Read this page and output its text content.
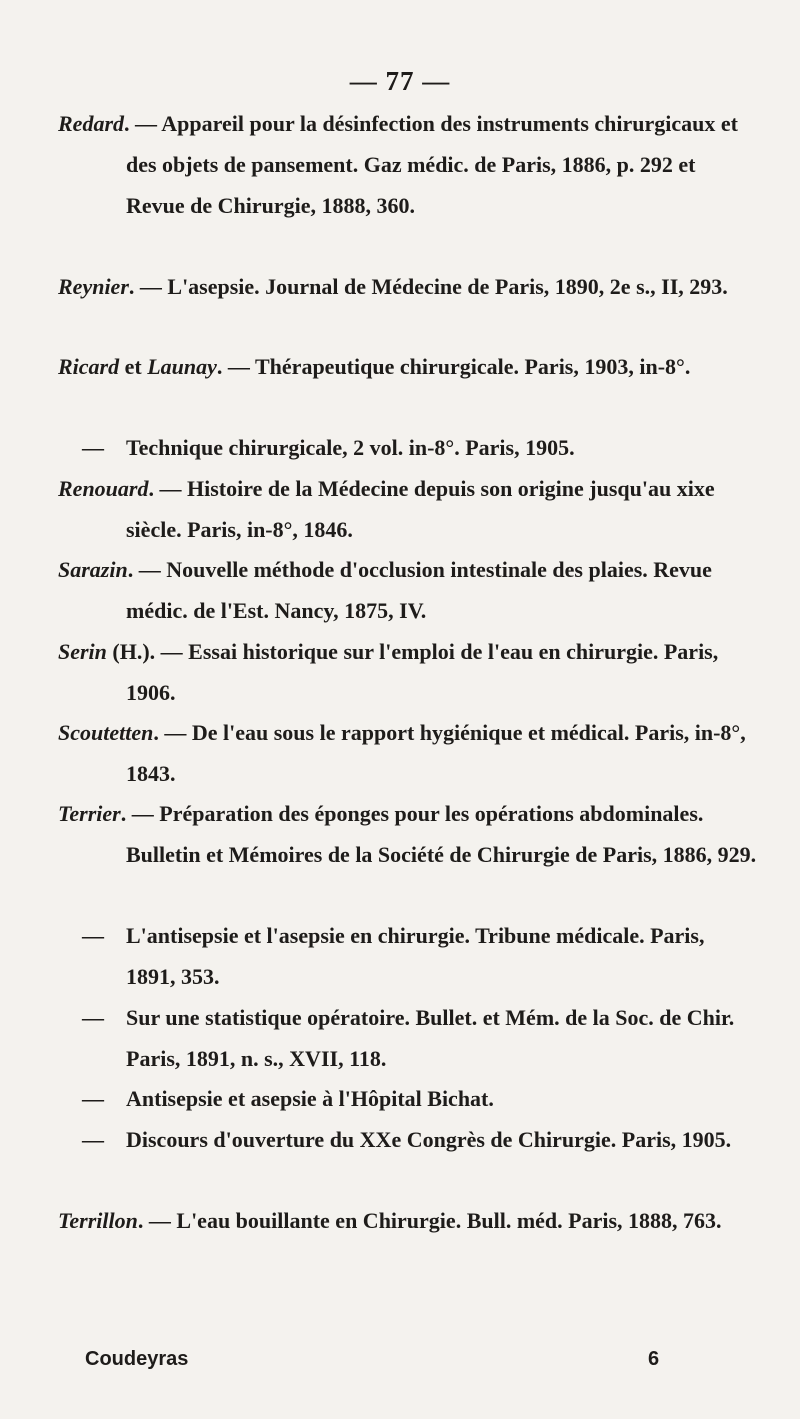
— 77 —
Redard. — Appareil pour la désinfection des instruments chirurgicaux et des objets de pansement. Gaz médic. de Paris, 1886, p. 292 et Revue de Chirurgie, 1888, 360.
Reynier. — L'asepsie. Journal de Médecine de Paris, 1890, 2e s., II, 293.
Ricard et Launay. — Thérapeutique chirurgicale. Paris, 1903, in-8°.
— Technique chirurgicale, 2 vol. in-8°. Paris, 1905.
Renouard. — Histoire de la Médecine depuis son origine jusqu'au xixe siècle. Paris, in-8°, 1846.
Sarazin. — Nouvelle méthode d'occlusion intestinale des plaies. Revue médic. de l'Est. Nancy, 1875, IV.
Serin (H.). — Essai historique sur l'emploi de l'eau en chirurgie. Paris, 1906.
Scoutetten. — De l'eau sous le rapport hygiénique et médical. Paris, in-8°, 1843.
Terrier. — Préparation des éponges pour les opérations abdominales. Bulletin et Mémoires de la Société de Chirurgie de Paris, 1886, 929.
— L'antisepsie et l'asepsie en chirurgie. Tribune médicale. Paris, 1891, 353.
— Sur une statistique opératoire. Bullet. et Mém. de la Soc. de Chir. Paris, 1891, n. s., XVII, 118.
— Antisepsie et asepsie à l'Hôpital Bichat.
— Discours d'ouverture du XXe Congrès de Chirurgie. Paris, 1905.
Terrillon. — L'eau bouillante en Chirurgie. Bull. méd. Paris, 1888, 763.
Coudeyras	6
